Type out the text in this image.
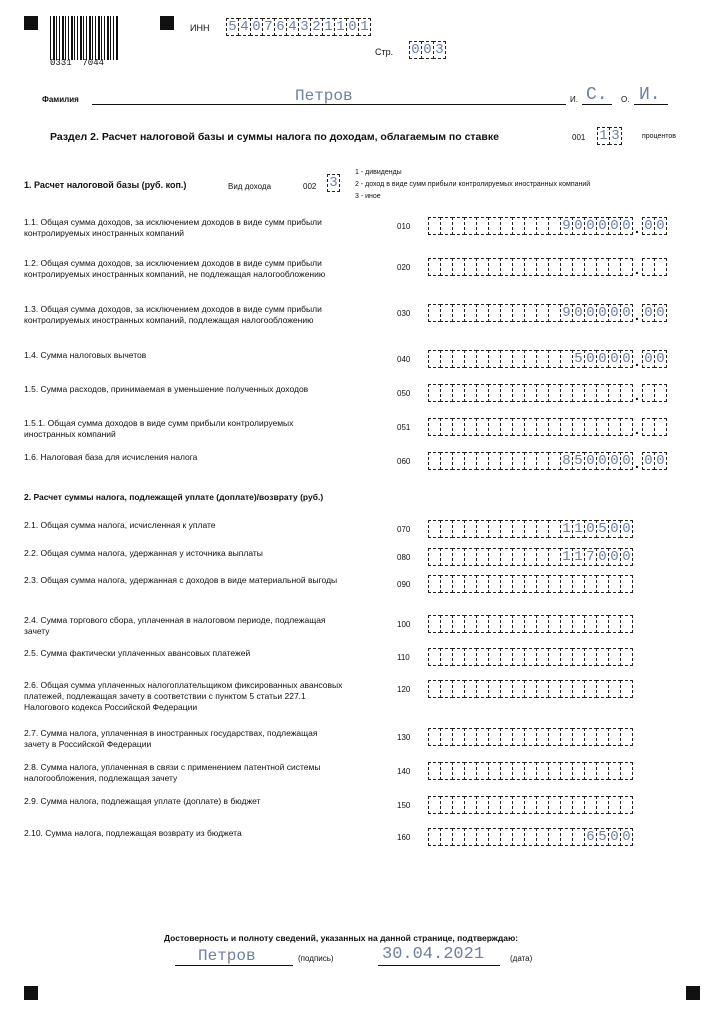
0331  7044
ИНН 5 4 0 7 6 4 3 2 1 1 0 1
Стр. 0 0 3
Фамилия	Петров	И. С. О. И.
Раздел 2. Расчет налоговой базы и суммы налога по доходам, облагаемым по ставке	001 1 3	процентов
1. Расчет налоговой базы (руб. коп.)	Вид дохода	002 3
1 - дивиденды
2 - доход в виде сумм прибыли контролируемых иностранных компаний
3 - иное
1.1. Общая сумма доходов, за исключением доходов в виде сумм прибыли контролируемых иностранных компаний
010	9 0 0 0 0 0 . 0 0
1.2. Общая сумма доходов, за исключением доходов в виде сумм прибыли контролируемых иностранных компаний, не подлежащая налогообложению
020	.
1.3. Общая сумма доходов, за исключением доходов в виде сумм прибыли контролируемых иностранных компаний, подлежащая налогообложению
030	9 0 0 0 0 0 . 0 0
1.4. Сумма налоговых вычетов	040	5 0 0 0 0 . 0 0
1.5. Сумма расходов, принимаемая в уменьшение полученных доходов	050	.
1.5.1. Общая сумма доходов в виде сумм прибыли контролируемых иностранных компаний
051	.
1.6. Налоговая база для исчисления налога	060	8 5 0 0 0 0 . 0 0
2. Расчет суммы налога, подлежащей уплате (доплате)/возврату (руб.)
2.1. Общая сумма налога, исчисленная к уплате	070	1 1 0 5 0 0
2.2. Общая сумма налога, удержанная у источника выплаты	080	1 1 7 0 0 0
2.3. Общая сумма налога, удержанная с доходов в виде материальной выгоды	090
2.4. Сумма торгового сбора, уплаченная в налоговом периоде, подлежащая зачету
100
2.5. Сумма фактически уплаченных авансовых платежей	110
2.6. Общая сумма уплаченных налогоплательщиком фиксированных авансовых платежей, подлежащая зачету в соответствии с пунктом 5 статьи 227.1 Налогового кодекса Российской Федерации
120
2.7. Сумма налога, уплаченная в иностранных государствах, подлежащая зачету в Российской Федерации
130
2.8. Сумма налога, уплаченная в связи с применением патентной системы налогообложения, подлежащая зачету
140
2.9. Сумма налога, подлежащая уплате (доплате) в бюджет	150
2.10. Сумма налога, подлежащая возврату из бюджета	160	6 5 0 0
Достоверность и полноту сведений, указанных на данной странице, подтверждаю:
Петров	(подпись)	30.04.2021	(дата)
